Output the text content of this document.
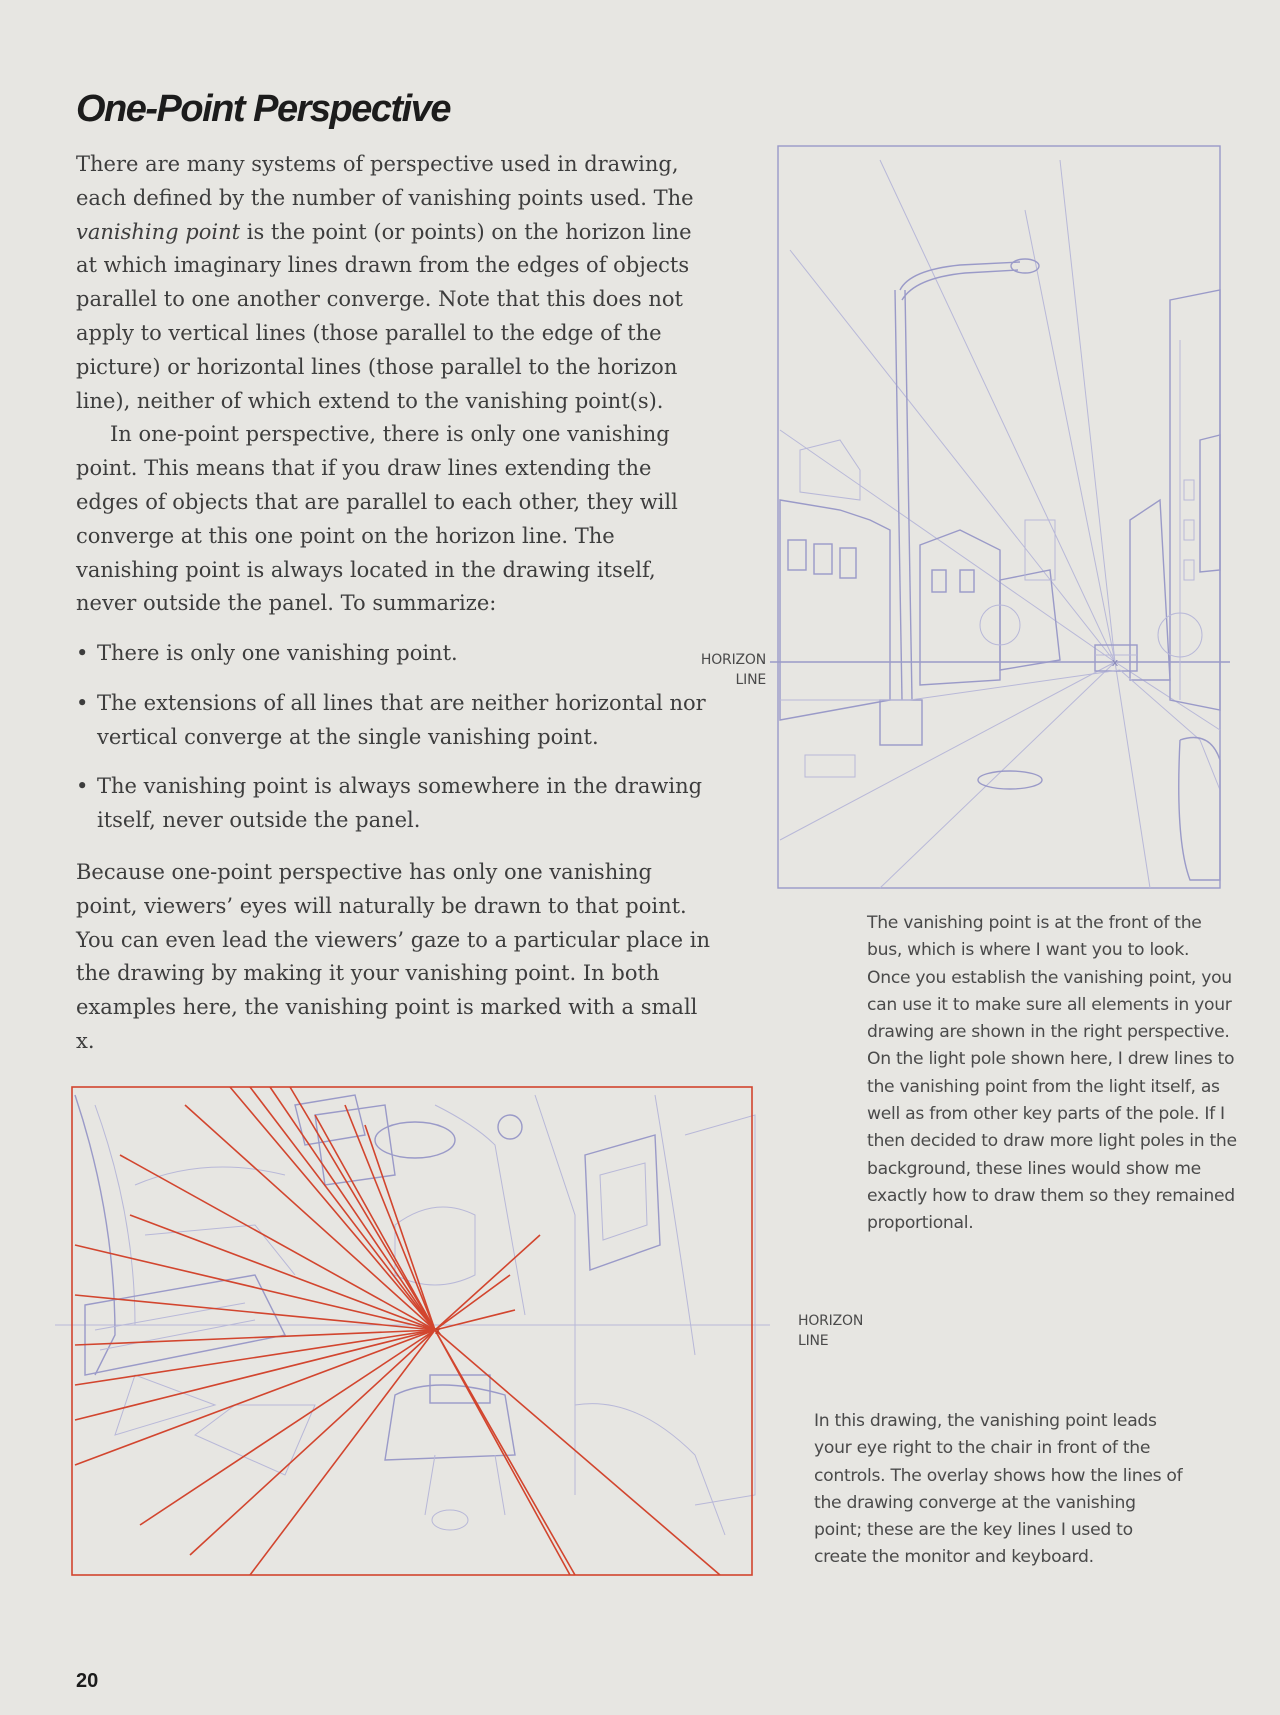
One-Point Perspective

There are many systems of perspective used in drawing, each defined by the number of vanishing points used. The vanishing point is the point (or points) on the horizon line at which imaginary lines drawn from the edges of objects parallel to one another converge. Note that this does not apply to vertical lines (those parallel to the edge of the picture) or horizontal lines (those parallel to the horizon line), neither of which extend to the vanishing point(s).

In one-point perspective, there is only one vanishing point. This means that if you draw lines extending the edges of objects that are parallel to each other, they will converge at this one point on the horizon line. The vanishing point is always located in the drawing itself, never outside the panel. To summarize:

• There is only one vanishing point.
• The extensions of all lines that are neither horizontal nor vertical converge at the single vanishing point.
• The vanishing point is always somewhere in the drawing itself, never outside the panel.
Because one-point perspective has only one vanishing point, viewers’ eyes will naturally be drawn to that point. You can even lead the viewers’ gaze to a particular place in the drawing by making it your vanishing point. In both examples here, the vanishing point is marked with a small x.
x
HORIZON
LINE
The vanishing point is at the front of the bus, which is where I want you to look. Once you establish the vanishing point, you can use it to make sure all elements in your drawing are shown in the right perspective. On the light pole shown here, I drew lines to the vanishing point from the light itself, as well as from other key parts of the pole. If I then decided to draw more light poles in the background, these lines would show me exactly how to draw them so they remained proportional.
x
HORIZON
LINE
In this drawing, the vanishing point leads your eye right to the chair in front of the controls. The overlay shows how the lines of the drawing converge at the vanishing point; these are the key lines I used to create the monitor and keyboard.
20
